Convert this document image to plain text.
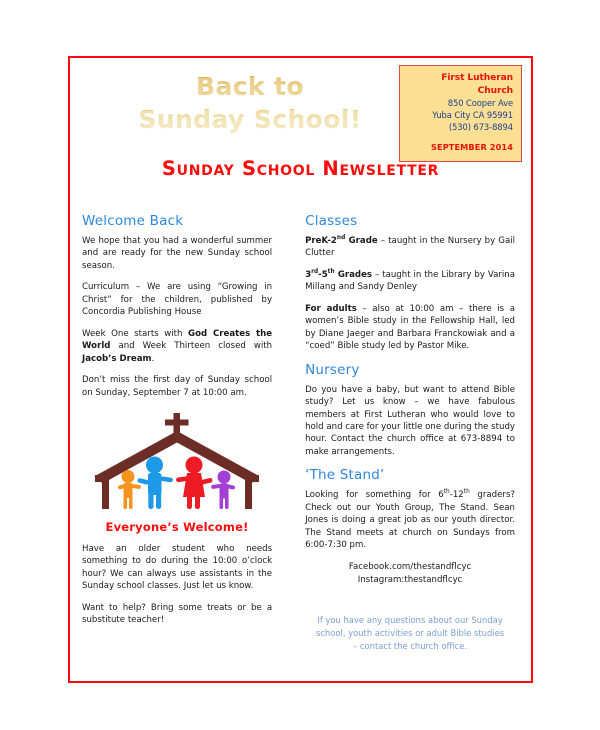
Back to
Sunday School!
First Lutheran Church
850 Cooper Ave
Yuba City CA 95991
(530) 673-8894
SEPTEMBER 2014
Sunday School Newsletter
Welcome Back

We hope that you had a wonderful summer and are ready for the new Sunday school season.

Curriculum – We are using “Growing in Christ” for the children, published by Concordia Publishing House

Week One starts with God Creates the World and Week Thirteen closed with Jacob’s Dream.

Don’t miss the first day of Sunday school on Sunday, September 7 at 10:00 am.

Everyone’s Welcome!

Have an older student who needs something to do during the 10:00 o’clock hour? We can always use assistants in the Sunday school classes. Just let us know.

Want to help? Bring some treats or be a substitute teacher!

Classes

PreK-2nd Grade – taught in the Nursery by Gail Clutter

3rd-5th Grades – taught in the Library by Varina Millang and Sandy Denley

For adults – also at 10:00 am – there is a women’s Bible study in the Fellowship Hall, led by Diane Jaeger and Barbara Franckowiak and a “coed” Bible study led by Pastor Mike.

Nursery

Do you have a baby, but want to attend Bible study? Let us know – we have fabulous members at First Lutheran who would love to hold and care for your little one during the study hour. Contact the church office at 673-8894 to make arrangements.

‘The Stand’

Looking for something for 6th-12th graders? Check out our Youth Group, The Stand. Sean Jones is doing a great job as our youth director. The Stand meets at church on Sundays from 6:00-7:30 pm.

Facebook.com/thestandflcyc
Instagram:thestandflcyc
If you have any questions about our Sunday
school, youth activities or adult Bible studies
– contact the church office.
